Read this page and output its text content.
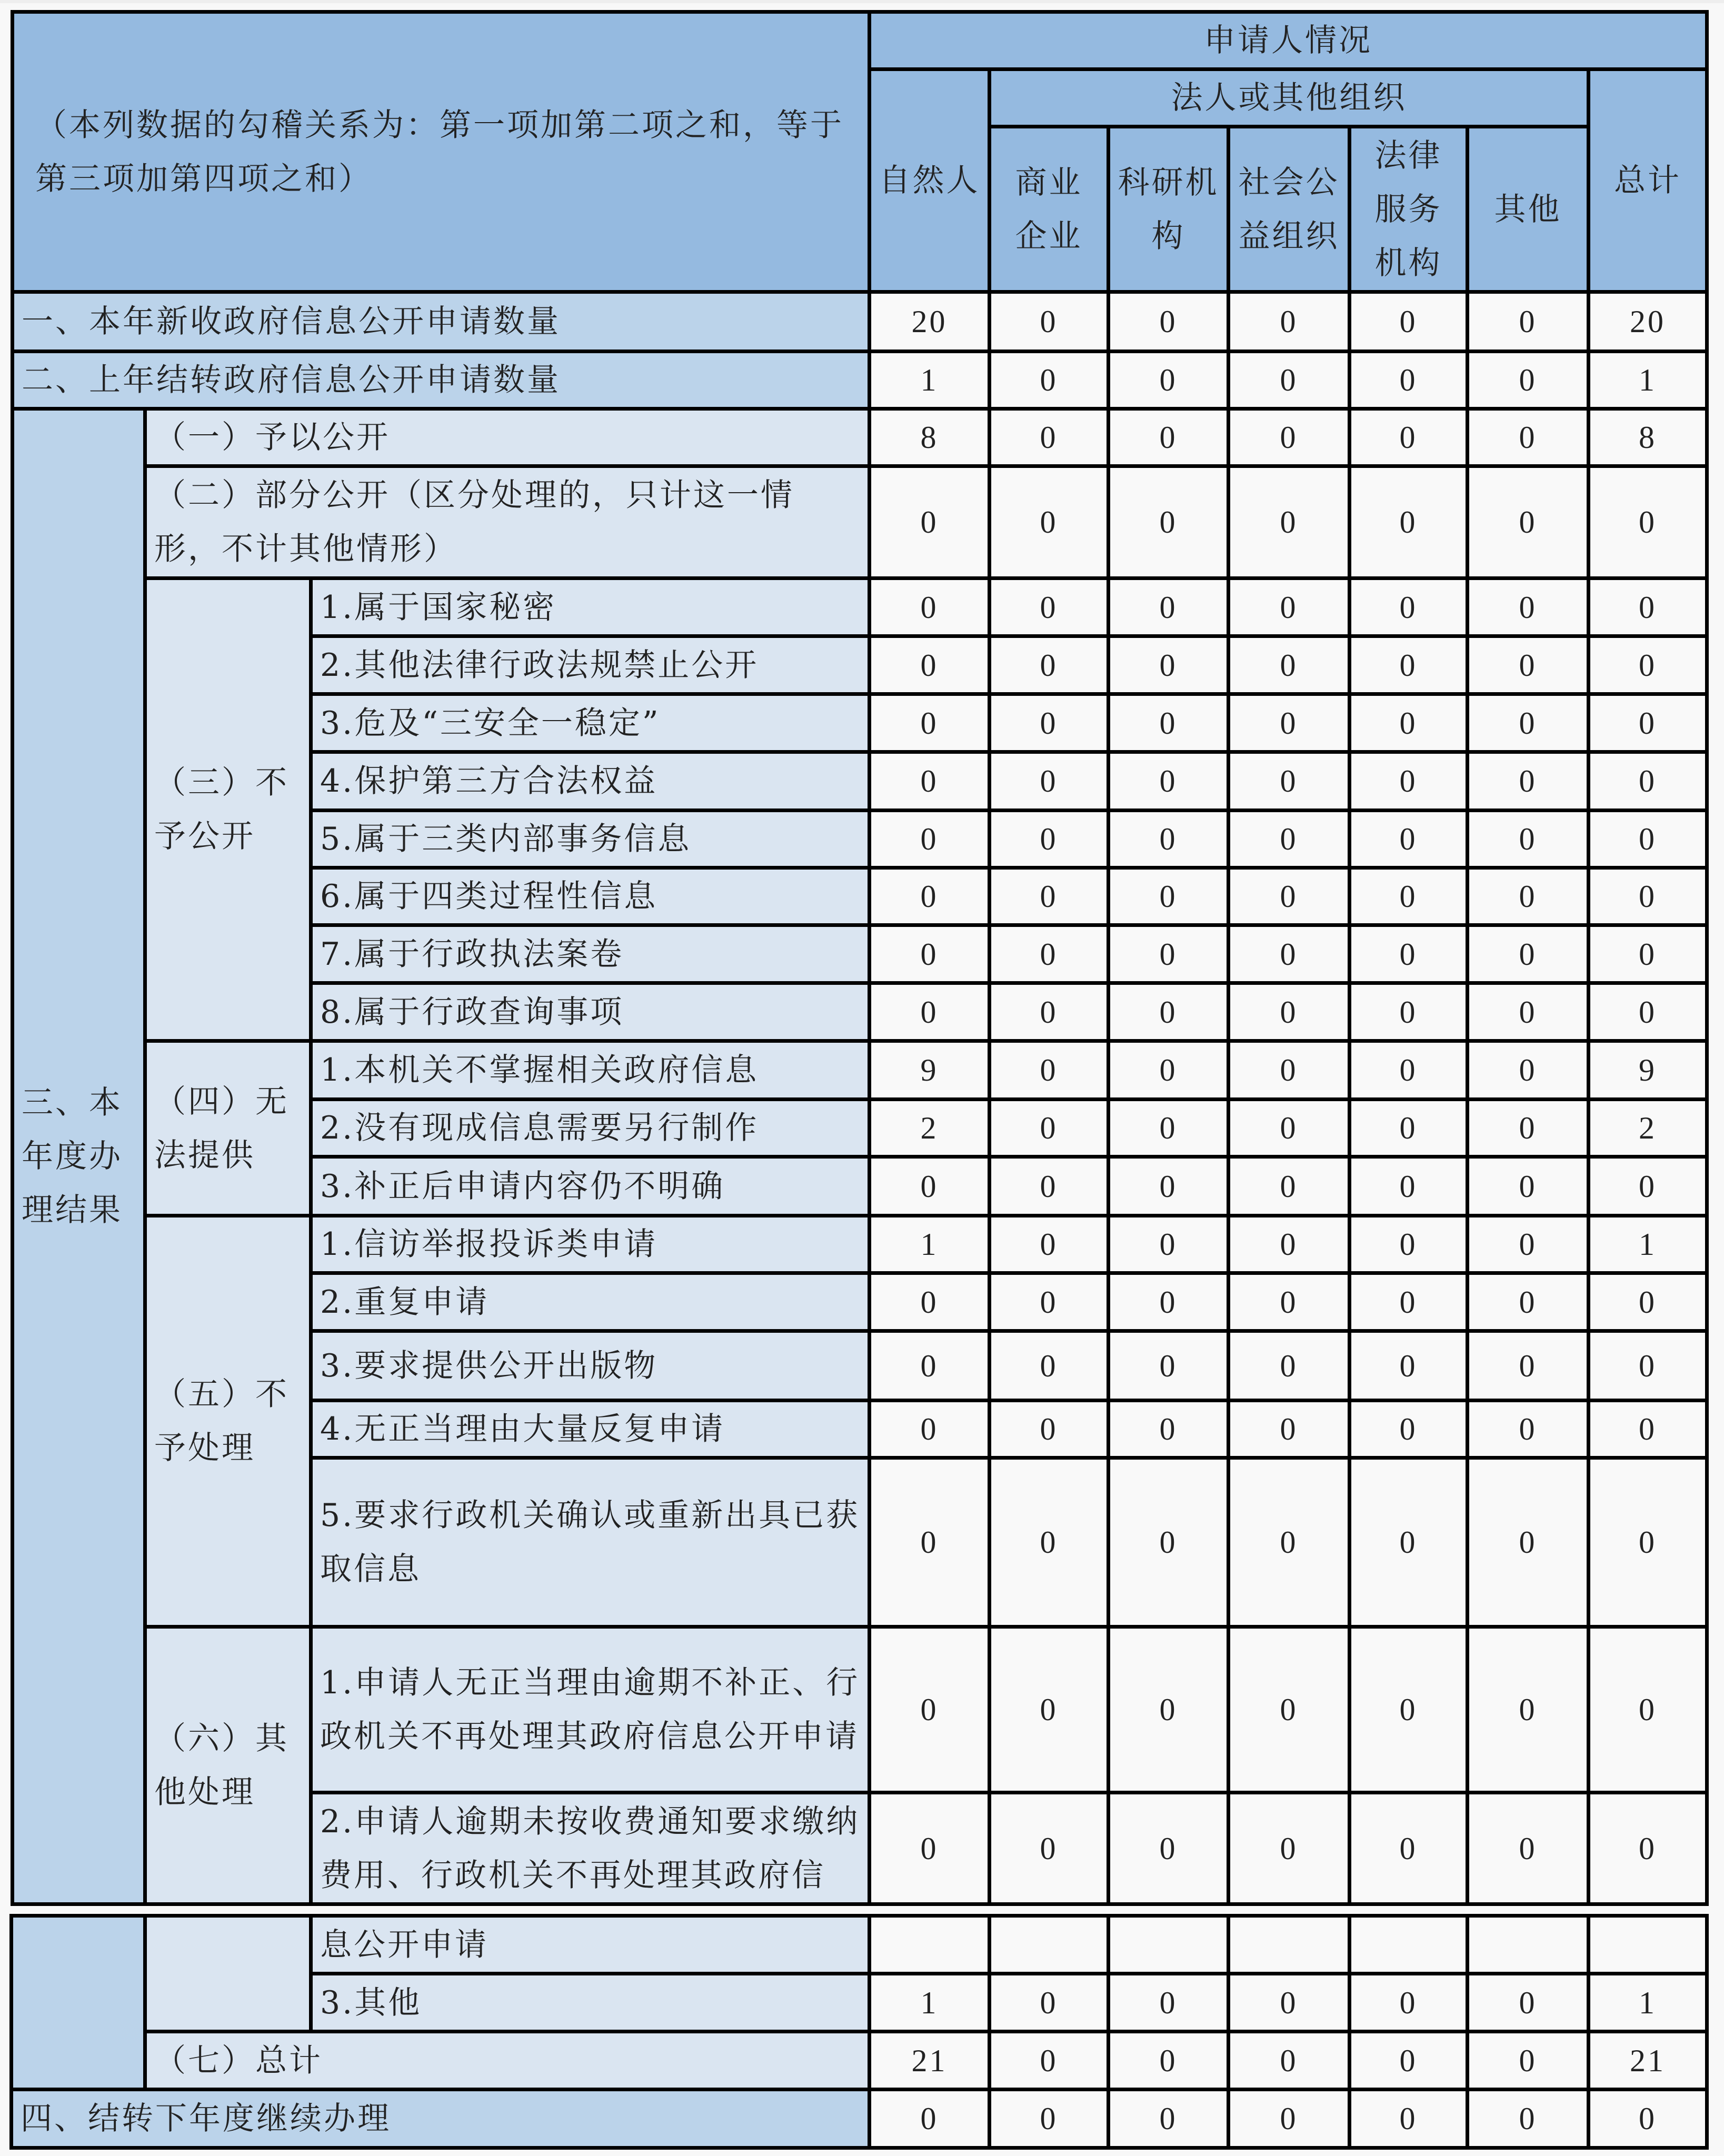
（本列数据的勾稽关系为：第一项加第二项之和，等于第三项加第四项之和）			申请人情况						
			自然人	法人或其他组织					总计
				商业企业	科研机构	社会公益组织	法律服务机构	其他	
一、本年新收政府信息公开申请数量			20	0	0	0	0	0	20
二、上年结转政府信息公开申请数量			1	0	0	0	0	0	1
三、本年度办理结果	（一）予以公开		8	0	0	0	0	0	8
	（二）部分公开（区分处理的，只计这一情形，不计其他情形）		0	0	0	0	0	0	0
	（三）不予公开	1.属于国家秘密	0	0	0	0	0	0	0
		2.其他法律行政法规禁止公开	0	0	0	0	0	0	0
		3.危及“三安全一稳定”	0	0	0	0	0	0	0
		4.保护第三方合法权益	0	0	0	0	0	0	0
		5.属于三类内部事务信息	0	0	0	0	0	0	0
		6.属于四类过程性信息	0	0	0	0	0	0	0
		7.属于行政执法案卷	0	0	0	0	0	0	0
		8.属于行政查询事项	0	0	0	0	0	0	0
	（四）无法提供	1.本机关不掌握相关政府信息	9	0	0	0	0	0	9
		2.没有现成信息需要另行制作	2	0	0	0	0	0	2
		3.补正后申请内容仍不明确	0	0	0	0	0	0	0
	（五）不予处理	1.信访举报投诉类申请	1	0	0	0	0	0	1
		2.重复申请	0	0	0	0	0	0	0
		3.要求提供公开出版物	0	0	0	0	0	0	0
		4.无正当理由大量反复申请	0	0	0	0	0	0	0
		5.要求行政机关确认或重新出具已获取信息	0	0	0	0	0	0	0
	（六）其他处理	1.申请人无正当理由逾期不补正、行政机关不再处理其政府信息公开申请	0	0	0	0	0	0	0
		2.申请人逾期未按收费通知要求缴纳费用、行政机关不再处理其政府信	0	0	0	0	0	0	0
		息公开申请							
		3.其他	1	0	0	0	0	0	1
	（七）总计		21	0	0	0	0	0	21
四、结转下年度继续办理			0	0	0	0	0	0	0
